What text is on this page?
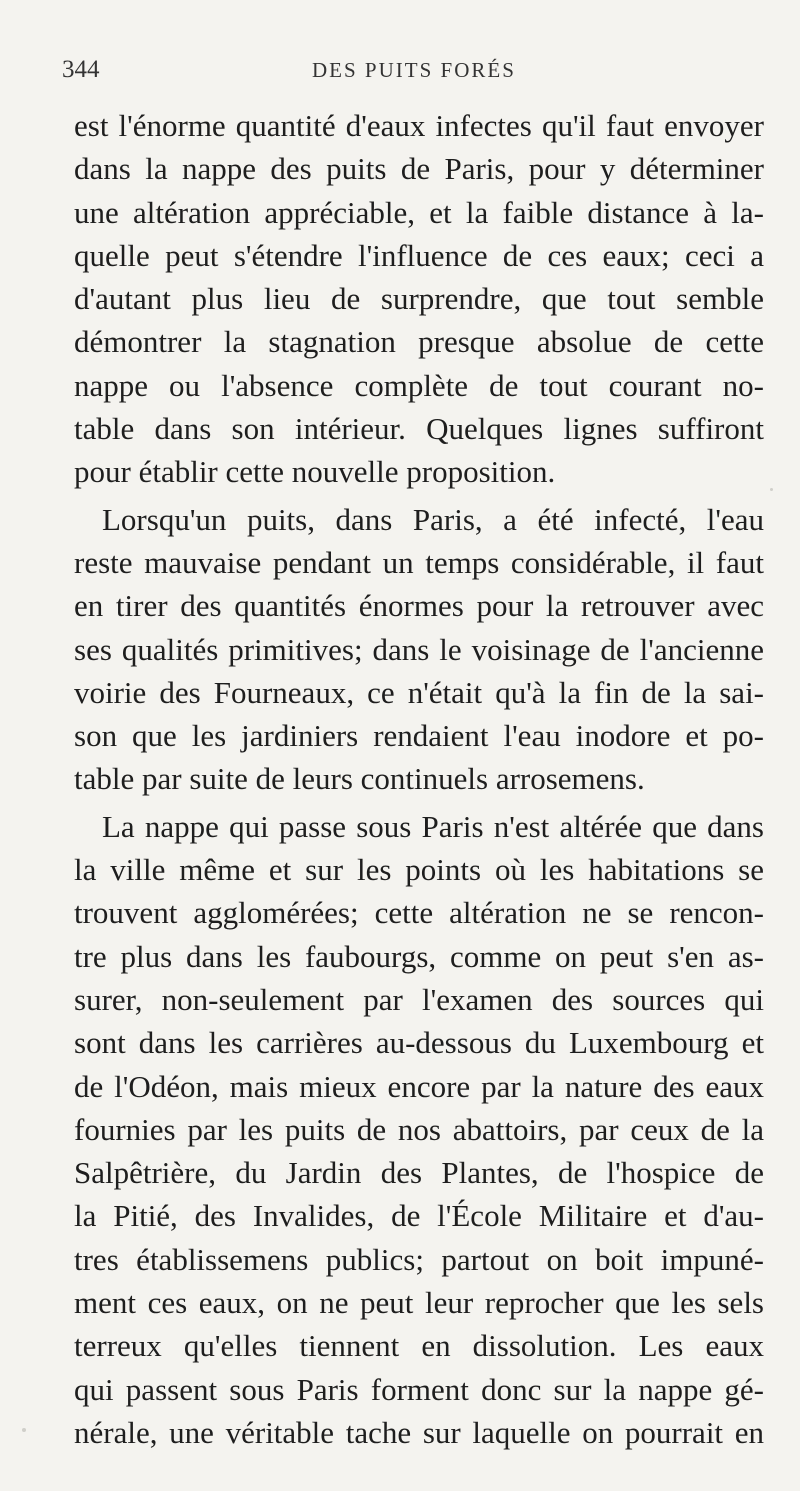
344	DES PUITS FORÉS
est l'énorme quantité d'eaux infectes qu'il faut envoyer
dans la nappe des puits de Paris, pour y déterminer
une altération appréciable, et la faible distance à la-
quelle peut s'étendre l'influence de ces eaux; ceci a
d'autant plus lieu de surprendre, que tout semble
démontrer la stagnation presque absolue de cette
nappe ou l'absence complète de tout courant no-
table dans son intérieur. Quelques lignes suffiront
pour établir cette nouvelle proposition.
Lorsqu'un puits, dans Paris, a été infecté, l'eau
reste mauvaise pendant un temps considérable, il faut
en tirer des quantités énormes pour la retrouver avec
ses qualités primitives; dans le voisinage de l'ancienne
voirie des Fourneaux, ce n'était qu'à la fin de la sai-
son que les jardiniers rendaient l'eau inodore et po-
table par suite de leurs continuels arrosemens.
La nappe qui passe sous Paris n'est altérée que dans
la ville même et sur les points où les habitations se
trouvent agglomérées; cette altération ne se rencon-
tre plus dans les faubourgs, comme on peut s'en as-
surer, non-seulement par l'examen des sources qui
sont dans les carrières au-dessous du Luxembourg et
de l'Odéon, mais mieux encore par la nature des eaux
fournies par les puits de nos abattoirs, par ceux de la
Salpêtrière, du Jardin des Plantes, de l'hospice de
la Pitié, des Invalides, de l'École Militaire et d'au-
tres établissemens publics; partout on boit impuné-
ment ces eaux, on ne peut leur reprocher que les sels
terreux qu'elles tiennent en dissolution. Les eaux
qui passent sous Paris forment donc sur la nappe gé-
nérale, une véritable tache sur laquelle on pourrait en
